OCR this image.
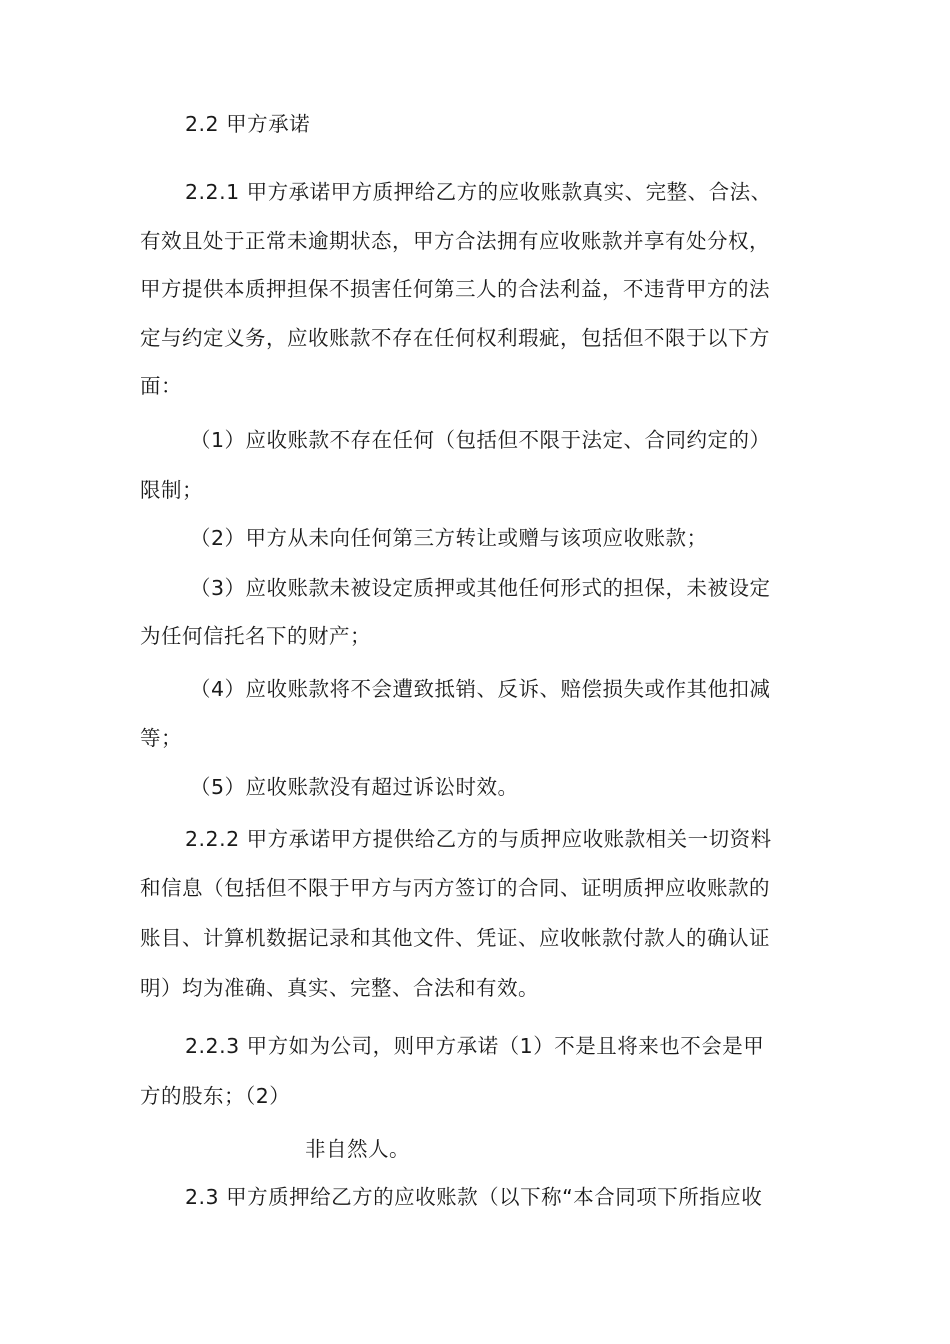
2.2 甲方承诺
2.2.1 甲方承诺甲方质押给乙方的应收账款真实、完整、合法、
有效且处于正常未逾期状态，甲方合法拥有应收账款并享有处分权，
甲方提供本质押担保不损害任何第三人的合法利益，不违背甲方的法
定与约定义务，应收账款不存在任何权利瑕疵，包括但不限于以下方
面：
（1）应收账款不存在任何（包括但不限于法定、合同约定的）
限制；
（2）甲方从未向任何第三方转让或赠与该项应收账款；
（3）应收账款未被设定质押或其他任何形式的担保，未被设定
为任何信托名下的财产；
（4）应收账款将不会遭致抵销、反诉、赔偿损失或作其他扣减
等；
（5）应收账款没有超过诉讼时效。
2.2.2 甲方承诺甲方提供给乙方的与质押应收账款相关一切资料
和信息（包括但不限于甲方与丙方签订的合同、证明质押应收账款的
账目、计算机数据记录和其他文件、凭证、应收帐款付款人的确认证
明）均为准确、真实、完整、合法和有效。
2.2.3 甲方如为公司，则甲方承诺（1）不是且将来也不会是甲
方的股东；（2）
非自然人。
2.3 甲方质押给乙方的应收账款（以下称“本合同项下所指应收
